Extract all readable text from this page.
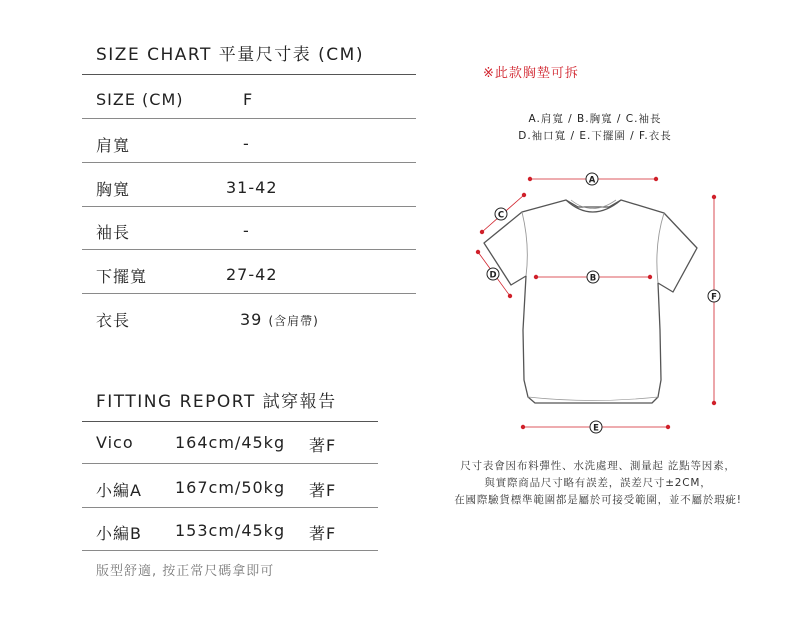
SIZE CHART 平量尺寸表 (CM)
SIZE (CM)	F
肩寬	-
胸寬	31-42
袖長	-
下擺寬	27-42
衣長	39 (含肩帶)
FITTING REPORT 試穿報告
Vico	164cm/45kg 著F
小編A 167cm/50kg 著F
小編B 153cm/45kg 著F
版型舒適, 按正常尺碼拿即可
※此款胸墊可拆
A.肩寬 / B.胸寬 / C.袖長
D.袖口寬 / E.下擺圍 / F.衣長
A
C
D	B
F
E
尺寸表會因布料彈性、水洗處理、測量起 訖點等因素，
與實際商品尺寸略有誤差，誤差尺寸±2CM，
在國際驗貨標準範圍都是屬於可接受範圍，並不屬於瑕疵!
